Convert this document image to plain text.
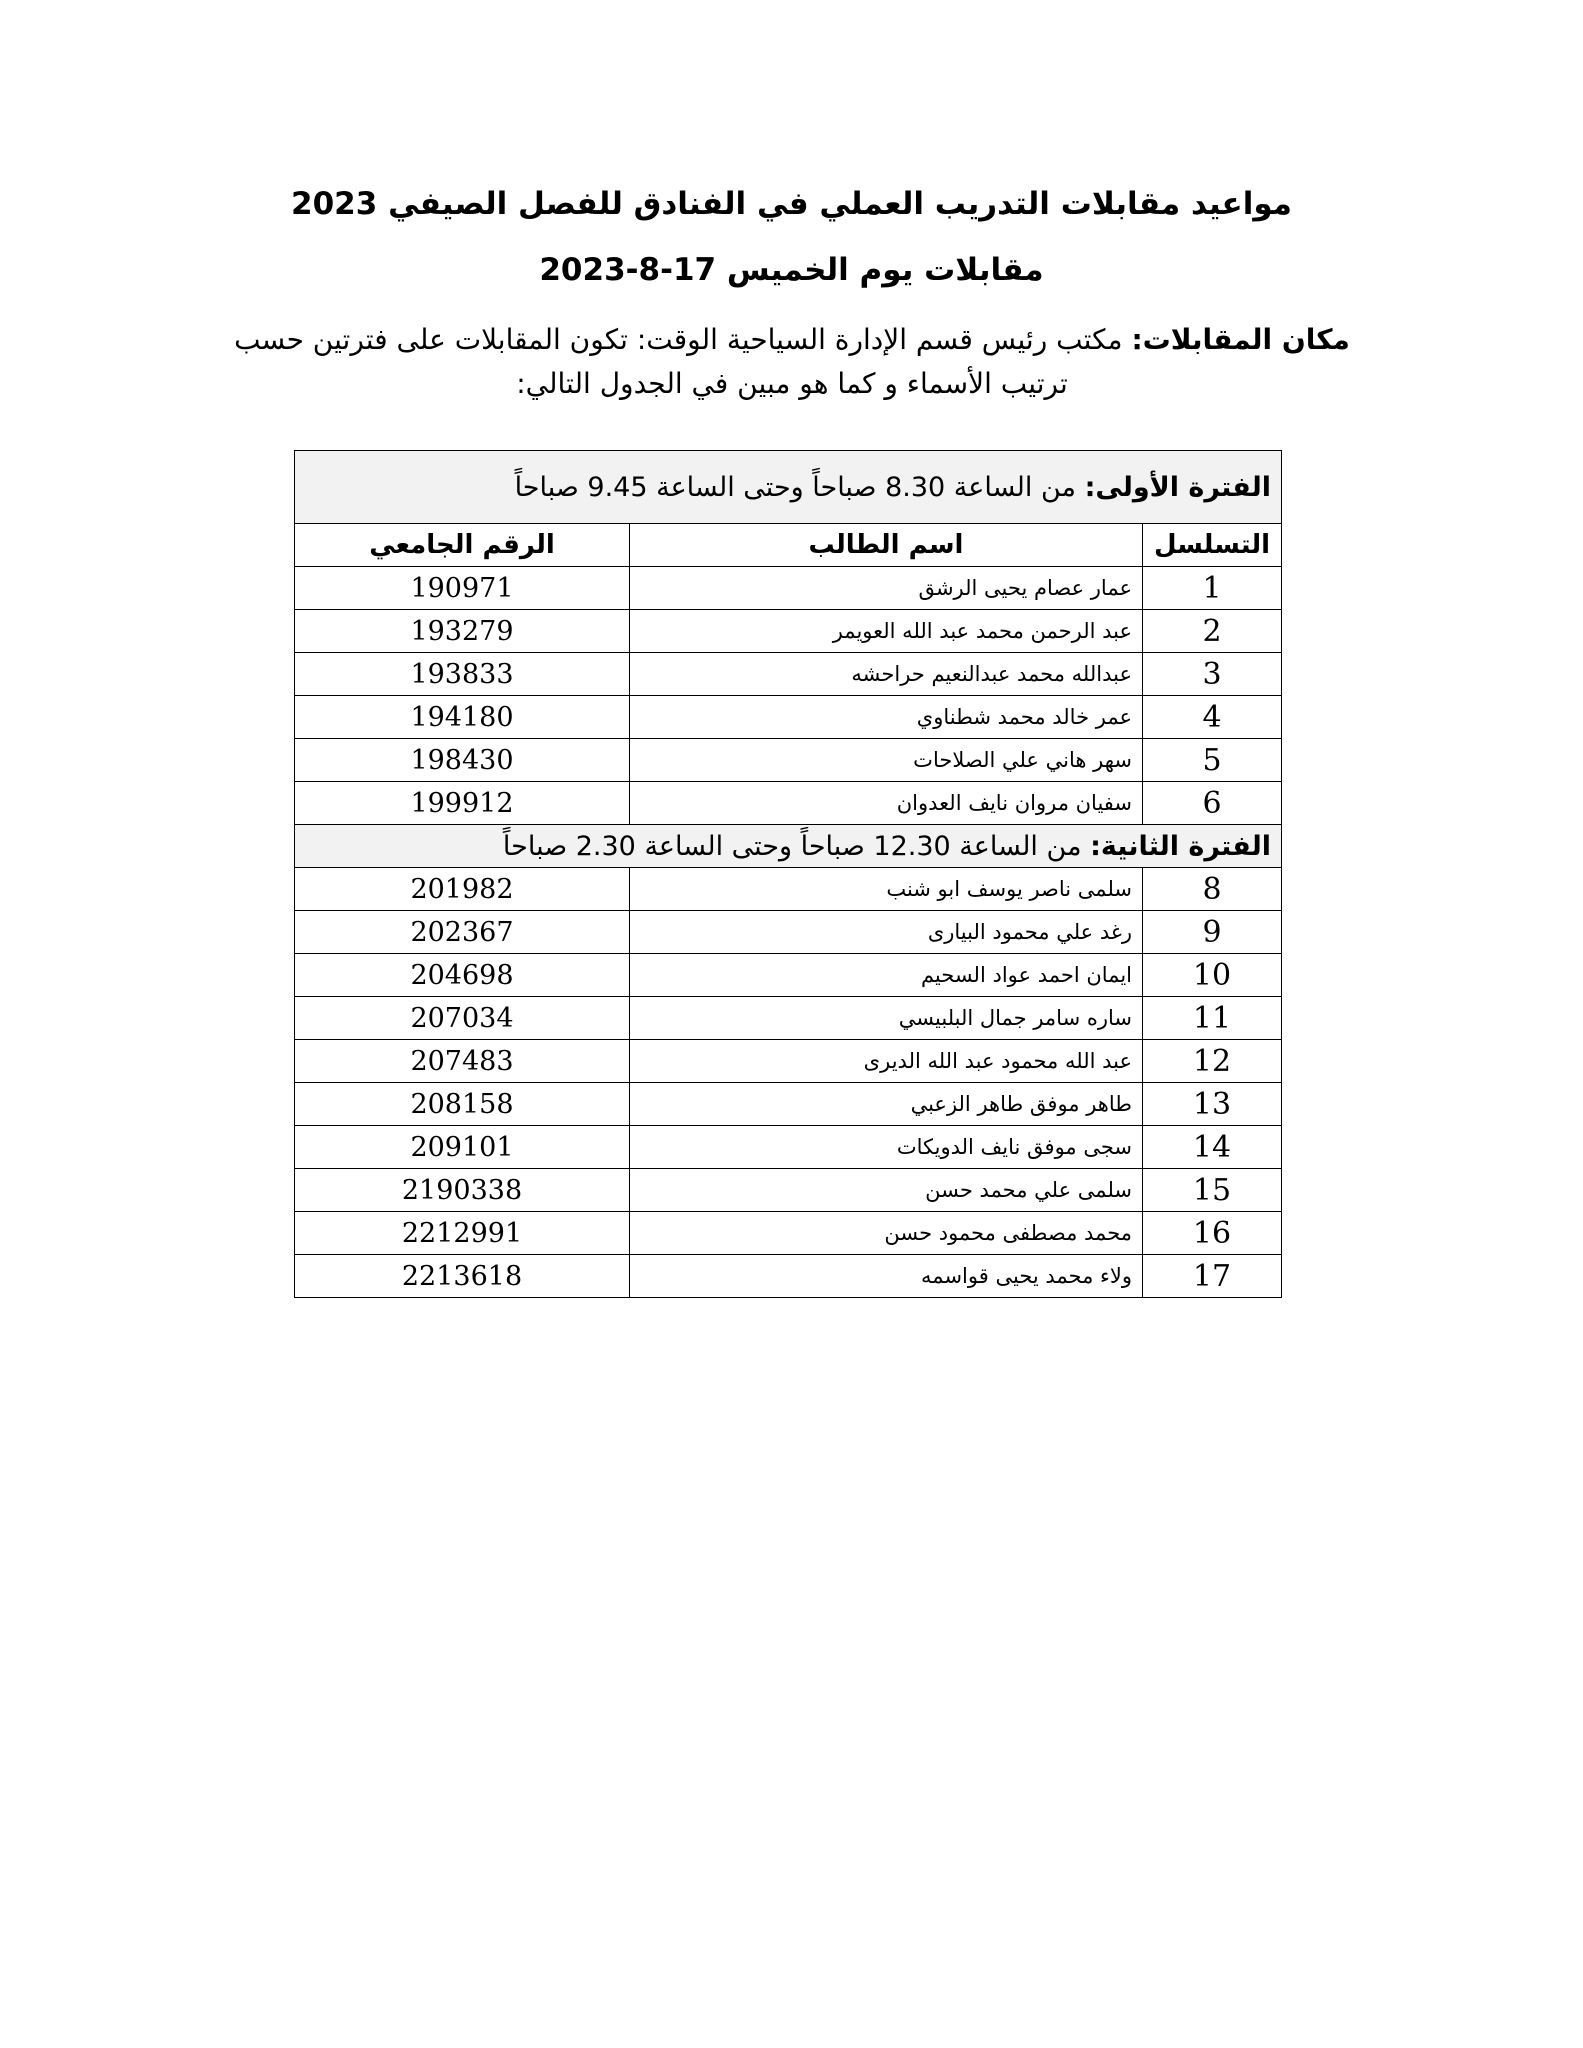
مواعيد مقابلات التدريب العملي في الفنادق للفصل الصيفي 2023
مقابلات يوم الخميس 17-8-2023
مكان المقابلات: مكتب رئيس قسم الإدارة السياحية الوقت: تكون المقابلات على فترتين حسب ترتيب الأسماء و كما هو مبين في الجدول التالي:
الفترة الأولى: من الساعة 8.30 صباحاً وحتى الساعة 9.45 صباحاً		
التسلسل	اسم الطالب	الرقم الجامعي
1	عمار عصام يحيى الرشق	190971
2	عبد الرحمن محمد عبد الله العويمر	193279
3	عبدالله محمد عبدالنعيم حراحشه	193833
4	عمر خالد محمد شطناوي	194180
5	سهر هاني علي الصلاحات	198430
6	سفيان مروان نايف العدوان	199912
الفترة الثانية: من الساعة 12.30 صباحاً وحتى الساعة 2.30 صباحاً		
8	سلمى ناصر يوسف ابو شنب	201982
9	رغد علي محمود البيارى	202367
10	ايمان احمد عواد السحيم	204698
11	ساره سامر جمال البلبيسي	207034
12	عبد الله محمود عبد الله الديرى	207483
13	طاهر موفق طاهر الزعبي	208158
14	سجى موفق نايف الدويكات	209101
15	سلمى علي محمد حسن	2190338
16	محمد مصطفى محمود حسن	2212991
17	ولاء محمد يحيى قواسمه	2213618
